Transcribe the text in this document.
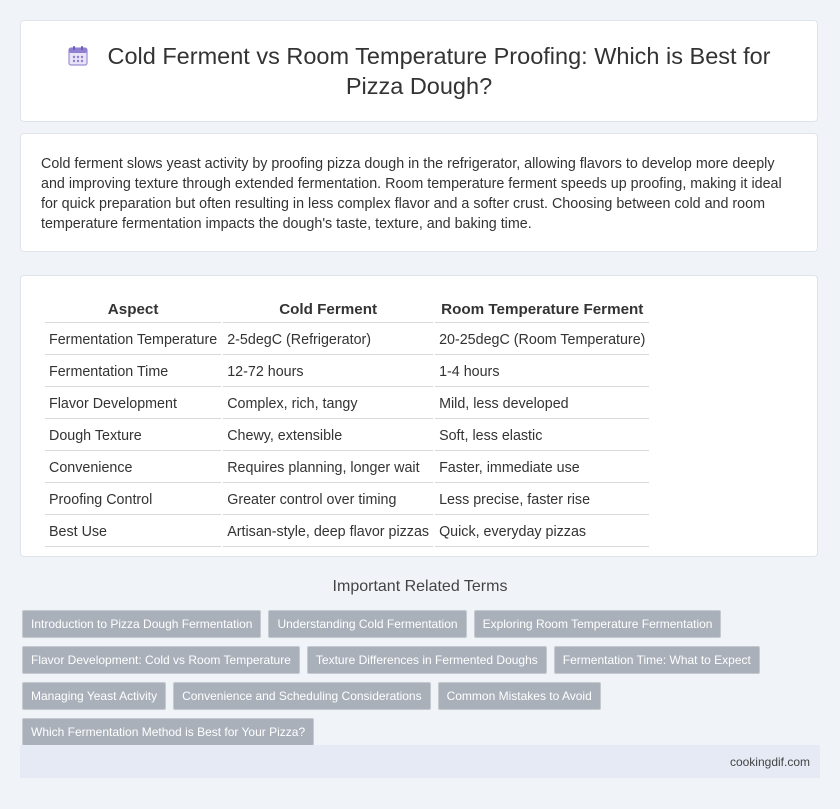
Cold Ferment vs Room Temperature Proofing: Which is Best for Pizza Dough?

Cold ferment slows yeast activity by proofing pizza dough in the refrigerator, allowing flavors to develop more deeply and improving texture through extended fermentation. Room temperature ferment speeds up proofing, making it ideal for quick preparation but often resulting in less complex flavor and a softer crust. Choosing between cold and room temperature fermentation impacts the dough's taste, texture, and baking time.

Aspect	Cold Ferment	Room Temperature Ferment
Fermentation Temperature	2-5degC (Refrigerator)	20-25degC (Room Temperature)
Fermentation Time	12-72 hours	1-4 hours
Flavor Development	Complex, rich, tangy	Mild, less developed
Dough Texture	Chewy, extensible	Soft, less elastic
Convenience	Requires planning, longer wait	Faster, immediate use
Proofing Control	Greater control over timing	Less precise, faster rise
Best Use	Artisan-style, deep flavor pizzas	Quick, everyday pizzas
Important Related Terms
Introduction to Pizza Dough Fermentation	Understanding Cold Fermentation	Exploring Room Temperature Fermentation
Flavor Development: Cold vs Room Temperature	Texture Differences in Fermented Doughs	Fermentation Time: What to Expect
Managing Yeast Activity	Convenience and Scheduling Considerations	Common Mistakes to Avoid
Which Fermentation Method is Best for Your Pizza?
cookingdif.com
